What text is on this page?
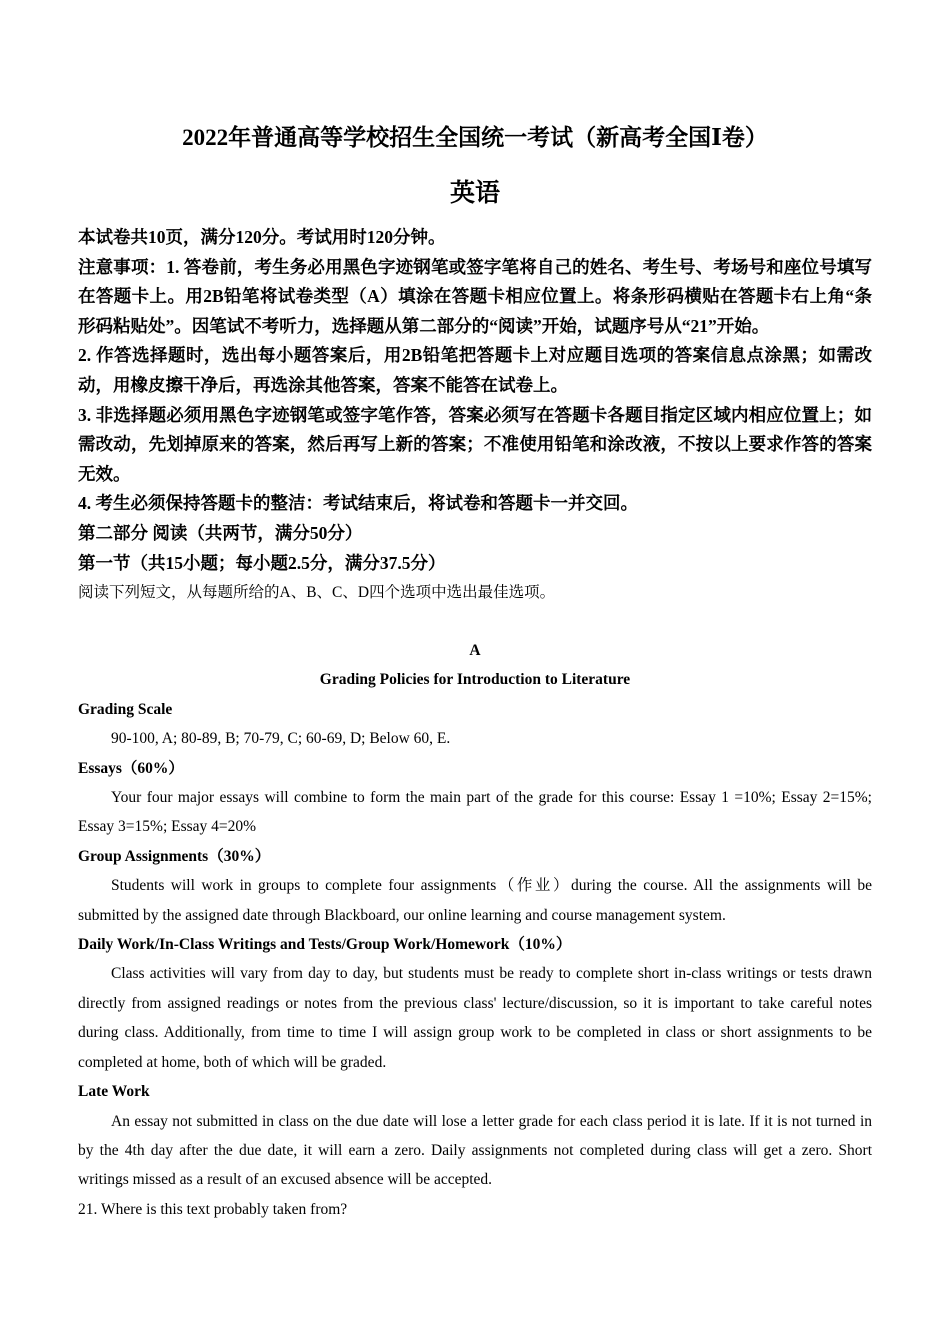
2022年普通高等学校招生全国统一考试（新高考全国Ⅰ卷）
英语

本试卷共10页，满分120分。考试用时120分钟。

注意事项：1. 答卷前，考生务必用黑色字迹钢笔或签字笔将自己的姓名、考生号、考场号和座位号填写在答题卡上。用2B铅笔将试卷类型（A）填涂在答题卡相应位置上。将条形码横贴在答题卡右上角“条形码粘贴处”。因笔试不考听力，选择题从第二部分的“阅读”开始，试题序号从“21”开始。

2. 作答选择题时，选出每小题答案后，用2B铅笔把答题卡上对应题目选项的答案信息点涂黑；如需改动，用橡皮擦干净后，再选涂其他答案，答案不能答在试卷上。

3. 非选择题必须用黑色字迹钢笔或签字笔作答，答案必须写在答题卡各题目指定区域内相应位置上；如需改动，先划掉原来的答案，然后再写上新的答案；不准使用铅笔和涂改液，不按以上要求作答的答案无效。

4. 考生必须保持答题卡的整洁：考试结束后，将试卷和答题卡一并交回。

第二部分 阅读（共两节，满分50分）

第一节（共15小题；每小题2.5分，满分37.5分）

阅读下列短文，从每题所给的A、B、C、D四个选项中选出最佳选项。

A

Grading Policies for Introduction to Literature

Grading Scale

90-100, A; 80-89, B; 70-79, C; 60-69, D; Below 60, E.

Essays（60%）

Your four major essays will combine to form the main part of the grade for this course: Essay 1 =10%; Essay 2=15%; Essay 3=15%; Essay 4=20%

Group Assignments（30%）

Students will work in groups to complete four assignments（作业）during the course. All the assignments will be submitted by the assigned date through Blackboard, our online learning and course management system.

Daily Work/In-Class Writings and Tests/Group Work/Homework（10%）

Class activities will vary from day to day, but students must be ready to complete short in-class writings or tests drawn directly from assigned readings or notes from the previous class' lecture/discussion, so it is important to take careful notes during class. Additionally, from time to time I will assign group work to be completed in class or short assignments to be completed at home, both of which will be graded.

Late Work

An essay not submitted in class on the due date will lose a letter grade for each class period it is late. If it is not turned in by the 4th day after the due date, it will earn a zero. Daily assignments not completed during class will get a zero. Short writings missed as a result of an excused absence will be accepted.

21. Where is this text probably taken from?
